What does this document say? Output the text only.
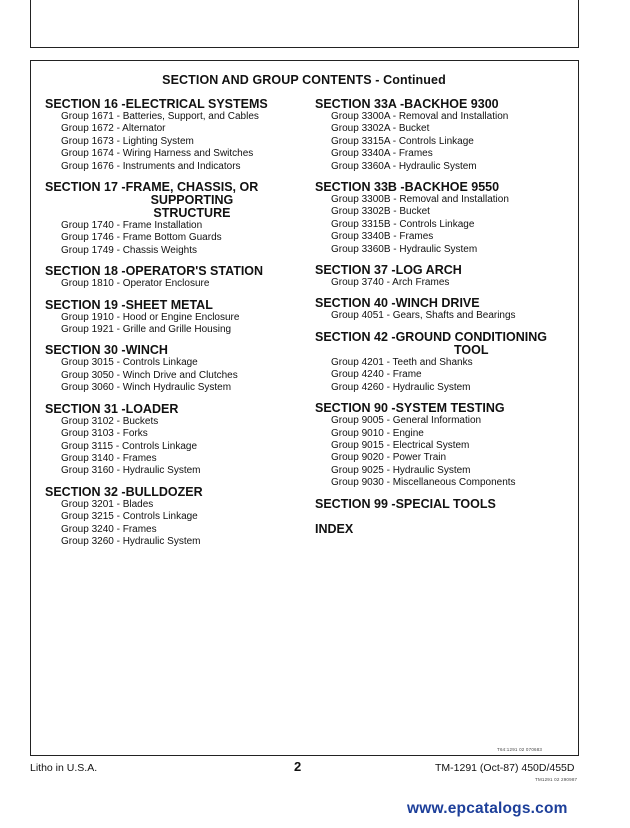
SECTION AND GROUP CONTENTS - Continued
SECTION 16 - ELECTRICAL SYSTEMS
Group 1671 - Batteries, Support, and Cables
Group 1672 - Alternator
Group 1673 - Lighting System
Group 1674 - Wiring Harness and Switches
Group 1676 - Instruments and Indicators
SECTION 17 - FRAME, CHASSIS, OR
SUPPORTING
STRUCTURE
Group 1740 - Frame Installation
Group 1746 - Frame Bottom Guards
Group 1749 - Chassis Weights
SECTION 18 - OPERATOR'S STATION
Group 1810 - Operator Enclosure
SECTION 19 - SHEET METAL
Group 1910 - Hood or Engine Enclosure
Group 1921 - Grille and Grille Housing
SECTION 30 - WINCH
Group 3015 - Controls Linkage
Group 3050 - Winch Drive and Clutches
Group 3060 - Winch Hydraulic System
SECTION 31 - LOADER
Group 3102 - Buckets
Group 3103 - Forks
Group 3115 - Controls Linkage
Group 3140 - Frames
Group 3160 - Hydraulic System
SECTION 32 - BULLDOZER
Group 3201 - Blades
Group 3215 - Controls Linkage
Group 3240 - Frames
Group 3260 - Hydraulic System
SECTION 33A - BACKHOE 9300
Group 3300A - Removal and Installation
Group 3302A - Bucket
Group 3315A - Controls Linkage
Group 3340A - Frames
Group 3360A - Hydraulic System
SECTION 33B - BACKHOE 9550
Group 3300B - Removal and Installation
Group 3302B - Bucket
Group 3315B - Controls Linkage
Group 3340B - Frames
Group 3360B - Hydraulic System
SECTION 37 - LOG ARCH
Group 3740 - Arch Frames
SECTION 40 - WINCH DRIVE
Group 4051 - Gears, Shafts and Bearings
SECTION 42 - GROUND CONDITIONING
TOOL
Group 4201 - Teeth and Shanks
Group 4240 - Frame
Group 4260 - Hydraulic System
SECTION 90 - SYSTEM TESTING
Group 9005 - General Information
Group 9010 - Engine
Group 9015 - Electrical System
Group 9020 - Power Train
Group 9025 - Hydraulic System
Group 9030 - Miscellaneous Components
SECTION 99 - SPECIAL TOOLS
INDEX
T64:1291 02 070683
Litho in U.S.A.	2	TM-1291 (Oct-87) 450D/455D
TM1291 02 290987
www.epcatalogs.com
